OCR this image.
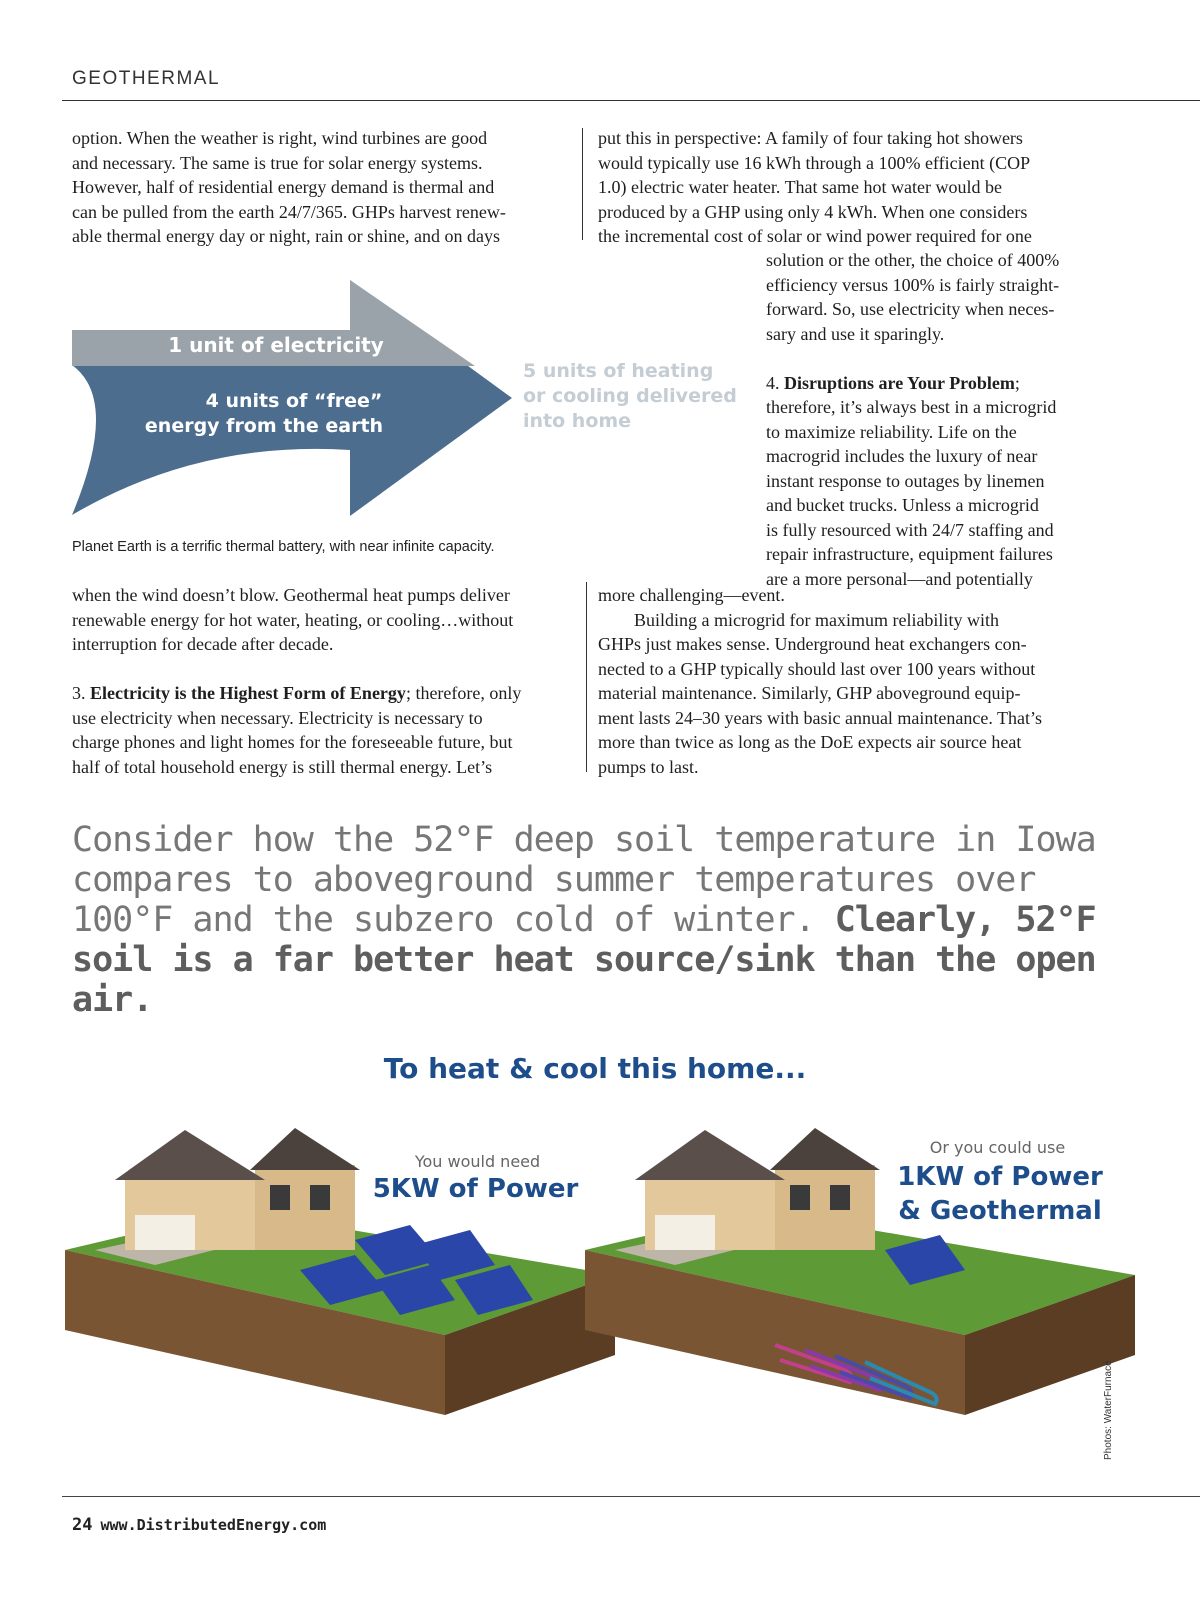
GEOTHERMAL

option. When the weather is right, wind turbines are good

and necessary. The same is true for solar energy systems.

However, half of residential energy demand is thermal and

can be pulled from the earth 24/7/365. GHPs harvest renew-

able thermal energy day or night, rain or shine, and on days

put this in perspective: A family of four taking hot showers

would typically use 16 kWh through a 100% efficient (COP

1.0) electric water heater. That same hot water would be

produced by a GHP using only 4 kWh. When one considers

the incremental cost of solar or wind power required for one

solution or the other, the choice of 400%

efficiency versus 100% is fairly straight-

forward. So, use electricity when neces-

sary and use it sparingly.

4. Disruptions are Your Problem;

therefore, it’s always best in a microgrid

to maximize reliability. Life on the

macrogrid includes the luxury of near

instant response to outages by linemen

and bucket trucks. Unless a microgrid

is fully resourced with 24/7 staffing and

repair infrastructure, equipment failures

are a more personal—and potentially

1 unit of electricity
4 units of “free”
energy from the earth
5 units of heating
or cooling delivered
into home
Planet Earth is a terrific thermal battery, with near infinite capacity.

when the wind doesn’t blow. Geothermal heat pumps deliver

renewable energy for hot water, heating, or cooling…without

interruption for decade after decade.

3. Electricity is the Highest Form of Energy; therefore, only

use electricity when necessary. Electricity is necessary to

charge phones and light homes for the foreseeable future, but

half of total household energy is still thermal energy. Let’s

more challenging—event.

Building a microgrid for maximum reliability with

GHPs just makes sense. Underground heat exchangers con-

nected to a GHP typically should last over 100 years without

material maintenance. Similarly, GHP aboveground equip-

ment lasts 24–30 years with basic annual maintenance. That’s

more than twice as long as the DoE expects air source heat

pumps to last.

Consider how the 52°F deep soil temperature in Iowa compares to aboveground summer temperatures over 100°F and the subzero cold of winter. Clearly, 52°F soil is a far better heat source/sink than the open air.
To heat & cool this home...
You would need
5KW of Power
Or you could use
1KW of Power
& Geothermal
Photos: WaterFurnace
24 www.DistributedEnergy.com
